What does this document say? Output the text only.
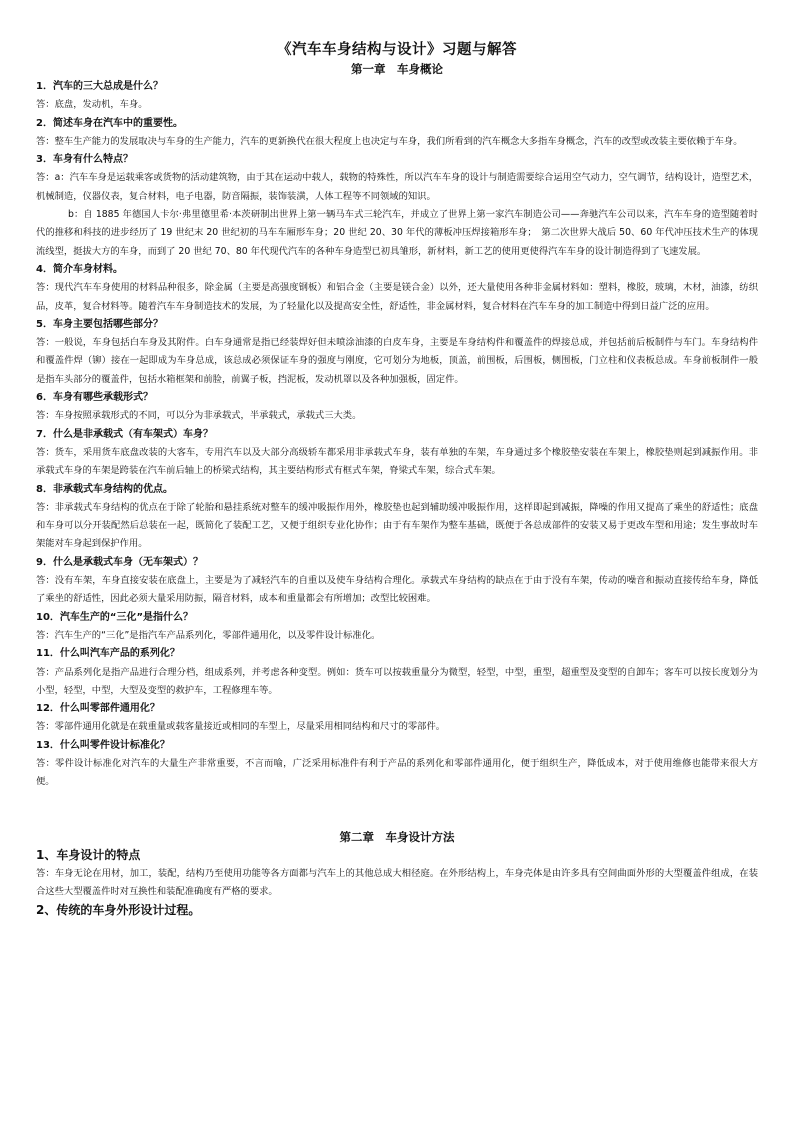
《汽车车身结构与设计》习题与解答
第一章　车身概论
1．汽车的三大总成是什么？
答：底盘，发动机，车身。
2．简述车身在汽车中的重要性。
答：整车生产能力的发展取决与车身的生产能力，汽车的更新换代在很大程度上也决定与车身，我们所看到的汽车概念大多指车身概念，汽车的改型或改装主要依赖于车身。
3．车身有什么特点？
答：a：汽车车身是运载乘客或货物的活动建筑物，由于其在运动中载人，载物的特殊性，所以汽车车身的设计与制造需要综合运用空气动力，空气调节，结构设计，造型艺术，机械制造，仪器仪表，复合材料，电子电器，防音隔振，装饰装潢，人体工程等不同领域的知识。
b：自 1885 年德国人卡尔·弗里德里希·本茨研制出世界上第一辆马车式三轮汽车，并成立了世界上第一家汽车制造公司——奔驰汽车公司以来，汽车车身的造型随着时代的推移和科技的进步经历了 19 世纪末 20 世纪初的马车车厢形车身；20 世纪 20、30 年代的薄板冲压焊接箱形车身；　第二次世界大战后 50、60 年代冲压技术生产的体现流线型，挺拔大方的车身，而到了 20 世纪 70、80 年代现代汽车的各种车身造型已初具雏形，新材料，新工艺的使用更使得汽车车身的设计制造得到了飞速发展。
4．简介车身材料。
答：现代汽车车身使用的材料品种很多，除金属（主要是高强度钢板）和铝合金（主要是镁合金）以外，还大量使用各种非金属材料如：塑料，橡胶，玻璃，木材，油漆，纺织品，皮革，复合材料等。随着汽车车身制造技术的发展，为了轻量化以及提高安全性，舒适性，非金属材料，复合材料在汽车车身的加工制造中得到日益广泛的应用。
5．车身主要包括哪些部分？
答：一般说，车身包括白车身及其附件。白车身通常是指已经装焊好但未喷涂油漆的白皮车身，主要是车身结构件和覆盖件的焊接总成，并包括前后板制件与车门。车身结构件和覆盖件焊（铆）接在一起即成为车身总成，该总成必须保证车身的强度与刚度，它可划分为地板，顶盖，前围板，后围板，侧围板，门立柱和仪表板总成。车身前板制件一般是指车头部分的覆盖件，包括水箱框架和前脸，前翼子板，挡泥板，发动机罩以及各种加强板，固定件。
6．车身有哪些承载形式？
答：车身按照承载形式的不同，可以分为非承载式，半承载式，承载式三大类。
7．什么是非承载式（有车架式）车身？
答：货车，采用货车底盘改装的大客车，专用汽车以及大部分高级轿车都采用非承载式车身，装有单独的车架，车身通过多个橡胶垫安装在车架上，橡胶垫则起到减振作用。非承载式车身的车架是跨装在汽车前后轴上的桥梁式结构，其主要结构形式有框式车架，脊梁式车架，综合式车架。
8．非承载式车身结构的优点。
答：非承载式车身结构的优点在于除了轮胎和悬挂系统对整车的缓冲吸振作用外，橡胶垫也起到辅助缓冲吸振作用，这样即起到减振，降噪的作用又提高了乘坐的舒适性；底盘和车身可以分开装配然后总装在一起，既简化了装配工艺，又便于组织专业化协作；由于有车架作为整车基础，既便于各总成部件的安装又易于更改车型和用途；发生事故时车架能对车身起到保护作用。
9．什么是承载式车身（无车架式）？
答：没有车架，车身直接安装在底盘上，主要是为了减轻汽车的自重以及使车身结构合理化。承载式车身结构的缺点在于由于没有车架，传动的噪音和振动直接传给车身，降低了乘坐的舒适性，因此必须大量采用防振，隔音材料，成本和重量都会有所增加；改型比较困难。
10．汽车生产的“三化”是指什么？
答：汽车生产的“三化”是指汽车产品系列化，零部件通用化，以及零件设计标准化。
11．什么叫汽车产品的系列化？
答：产品系列化是指产品进行合理分档，组成系列，并考虑各种变型。例如：货车可以按载重量分为微型，轻型，中型，重型，超重型及变型的自卸车；客车可以按长度划分为小型，轻型，中型，大型及变型的救护车，工程修理车等。
12．什么叫零部件通用化？
答：零部件通用化就是在载重量或载客量接近或相同的车型上，尽量采用相同结构和尺寸的零部件。
13．什么叫零件设计标准化？
答：零件设计标准化对汽车的大量生产非常重要，不言而喻，广泛采用标准件有利于产品的系列化和零部件通用化，便于组织生产，降低成本，对于使用维修也能带来很大方便。
第二章　车身设计方法
1、车身设计的特点
答：车身无论在用材，加工，装配，结构乃至使用功能等各方面都与汽车上的其他总成大相径庭。在外形结构上，车身壳体是由许多具有空间曲面外形的大型覆盖件组成，在装合这些大型覆盖件时对互换性和装配准确度有严格的要求。
2、传统的车身外形设计过程。
